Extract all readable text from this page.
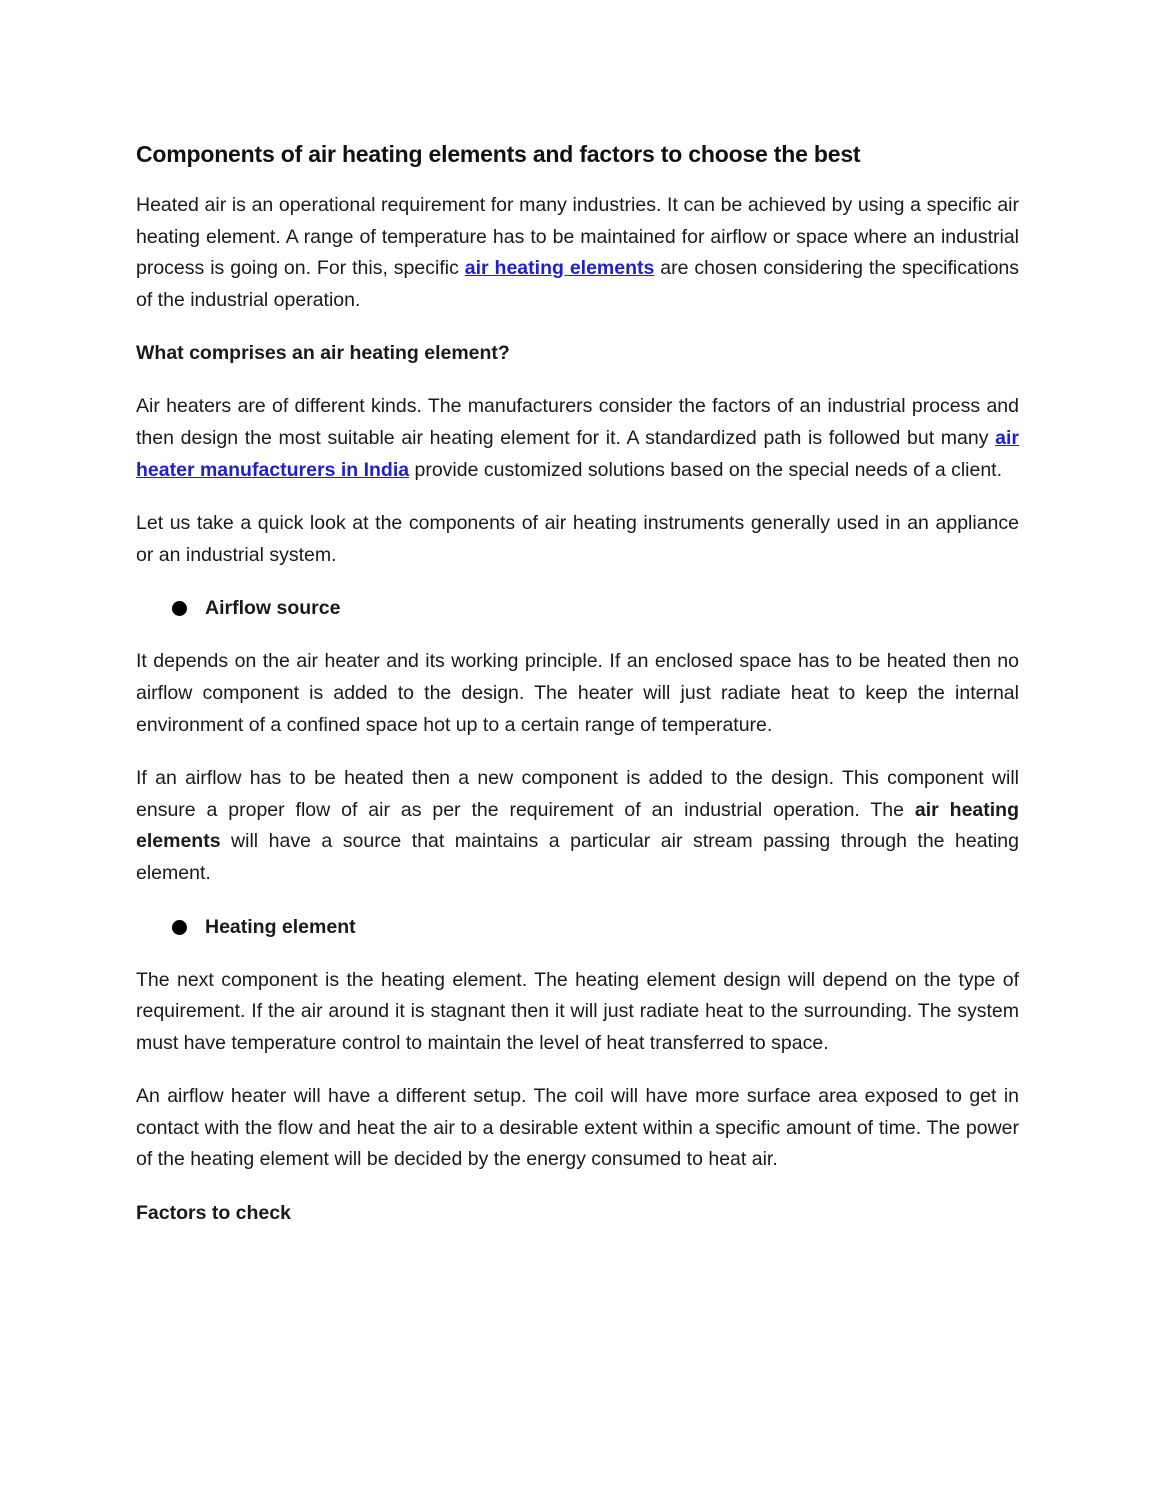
Components of air heating elements and factors to choose the best

Heated air is an operational requirement for many industries. It can be achieved by using a specific air heating element. A range of temperature has to be maintained for airflow or space where an industrial process is going on. For this, specific air heating elements are chosen considering the specifications of the industrial operation.

What comprises an air heating element?

Air heaters are of different kinds. The manufacturers consider the factors of an industrial process and then design the most suitable air heating element for it. A standardized path is followed but many air heater manufacturers in India provide customized solutions based on the special needs of a client.

Let us take a quick look at the components of air heating instruments generally used in an appliance or an industrial system.

Airflow source

It depends on the air heater and its working principle. If an enclosed space has to be heated then no airflow component is added to the design. The heater will just radiate heat to keep the internal environment of a confined space hot up to a certain range of temperature.

If an airflow has to be heated then a new component is added to the design. This component will ensure a proper flow of air as per the requirement of an industrial operation. The air heating elements will have a source that maintains a particular air stream passing through the heating element.

Heating element

The next component is the heating element. The heating element design will depend on the type of requirement. If the air around it is stagnant then it will just radiate heat to the surrounding. The system must have temperature control to maintain the level of heat transferred to space.

An airflow heater will have a different setup. The coil will have more surface area exposed to get in contact with the flow and heat the air to a desirable extent within a specific amount of time. The power of the heating element will be decided by the energy consumed to heat air.

Factors to check
